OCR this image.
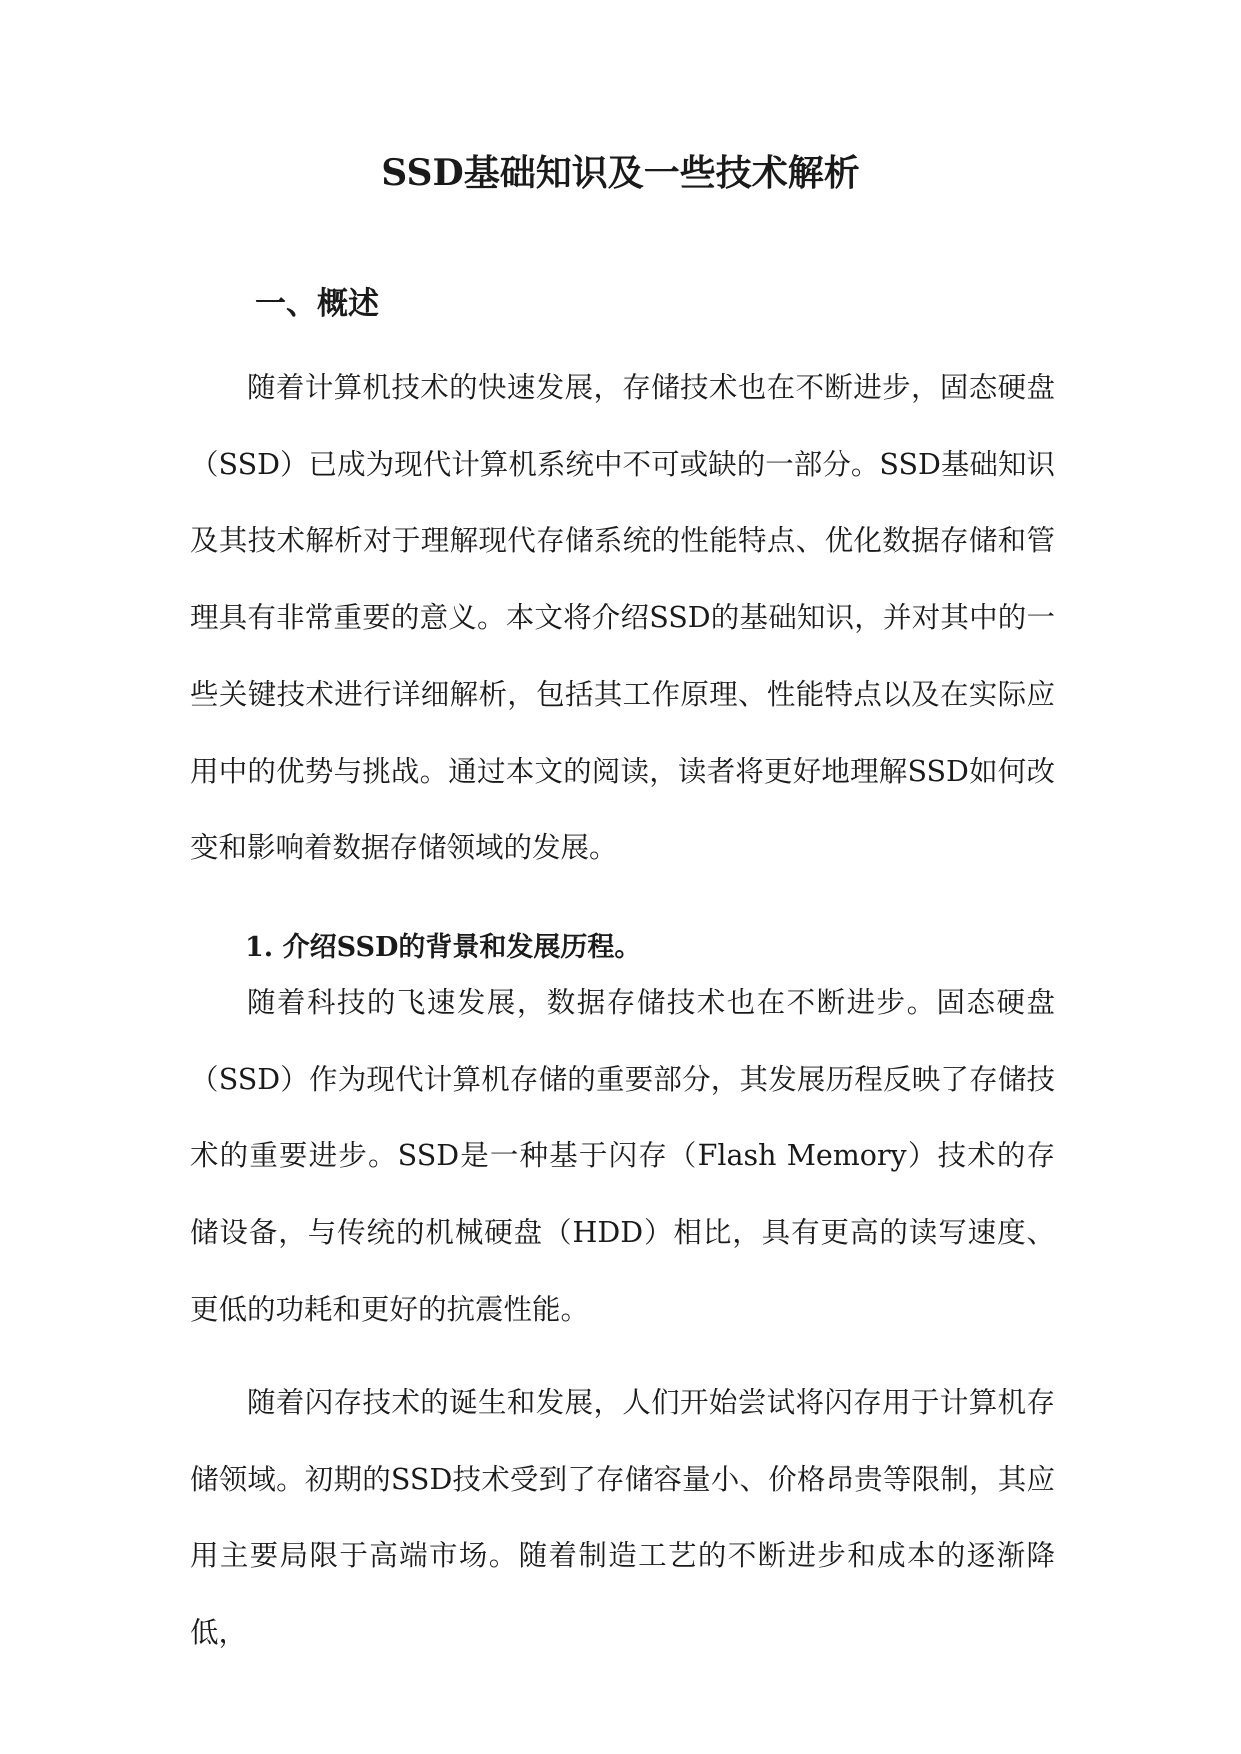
SSD基础知识及一些技术解析
一、概述

随着计算机技术的快速发展，存储技术也在不断进步，固态硬盘（SSD）已成为现代计算机系统中不可或缺的一部分。SSD基础知识及其技术解析对于理解现代存储系统的性能特点、优化数据存储和管理具有非常重要的意义。本文将介绍SSD的基础知识，并对其中的一些关键技术进行详细解析，包括其工作原理、性能特点以及在实际应用中的优势与挑战。通过本文的阅读，读者将更好地理解SSD如何改变和影响着数据存储领域的发展。

1. 介绍SSD的背景和发展历程。

随着科技的飞速发展，数据存储技术也在不断进步。固态硬盘（SSD）作为现代计算机存储的重要部分，其发展历程反映了存储技术的重要进步。SSD是一种基于闪存（Flash Memory）技术的存储设备，与传统的机械硬盘（HDD）相比，具有更高的读写速度、更低的功耗和更好的抗震性能。

随着闪存技术的诞生和发展，人们开始尝试将闪存用于计算机存储领域。初期的SSD技术受到了存储容量小、价格昂贵等限制，其应用主要局限于高端市场。随着制造工艺的不断进步和成本的逐渐降低，
